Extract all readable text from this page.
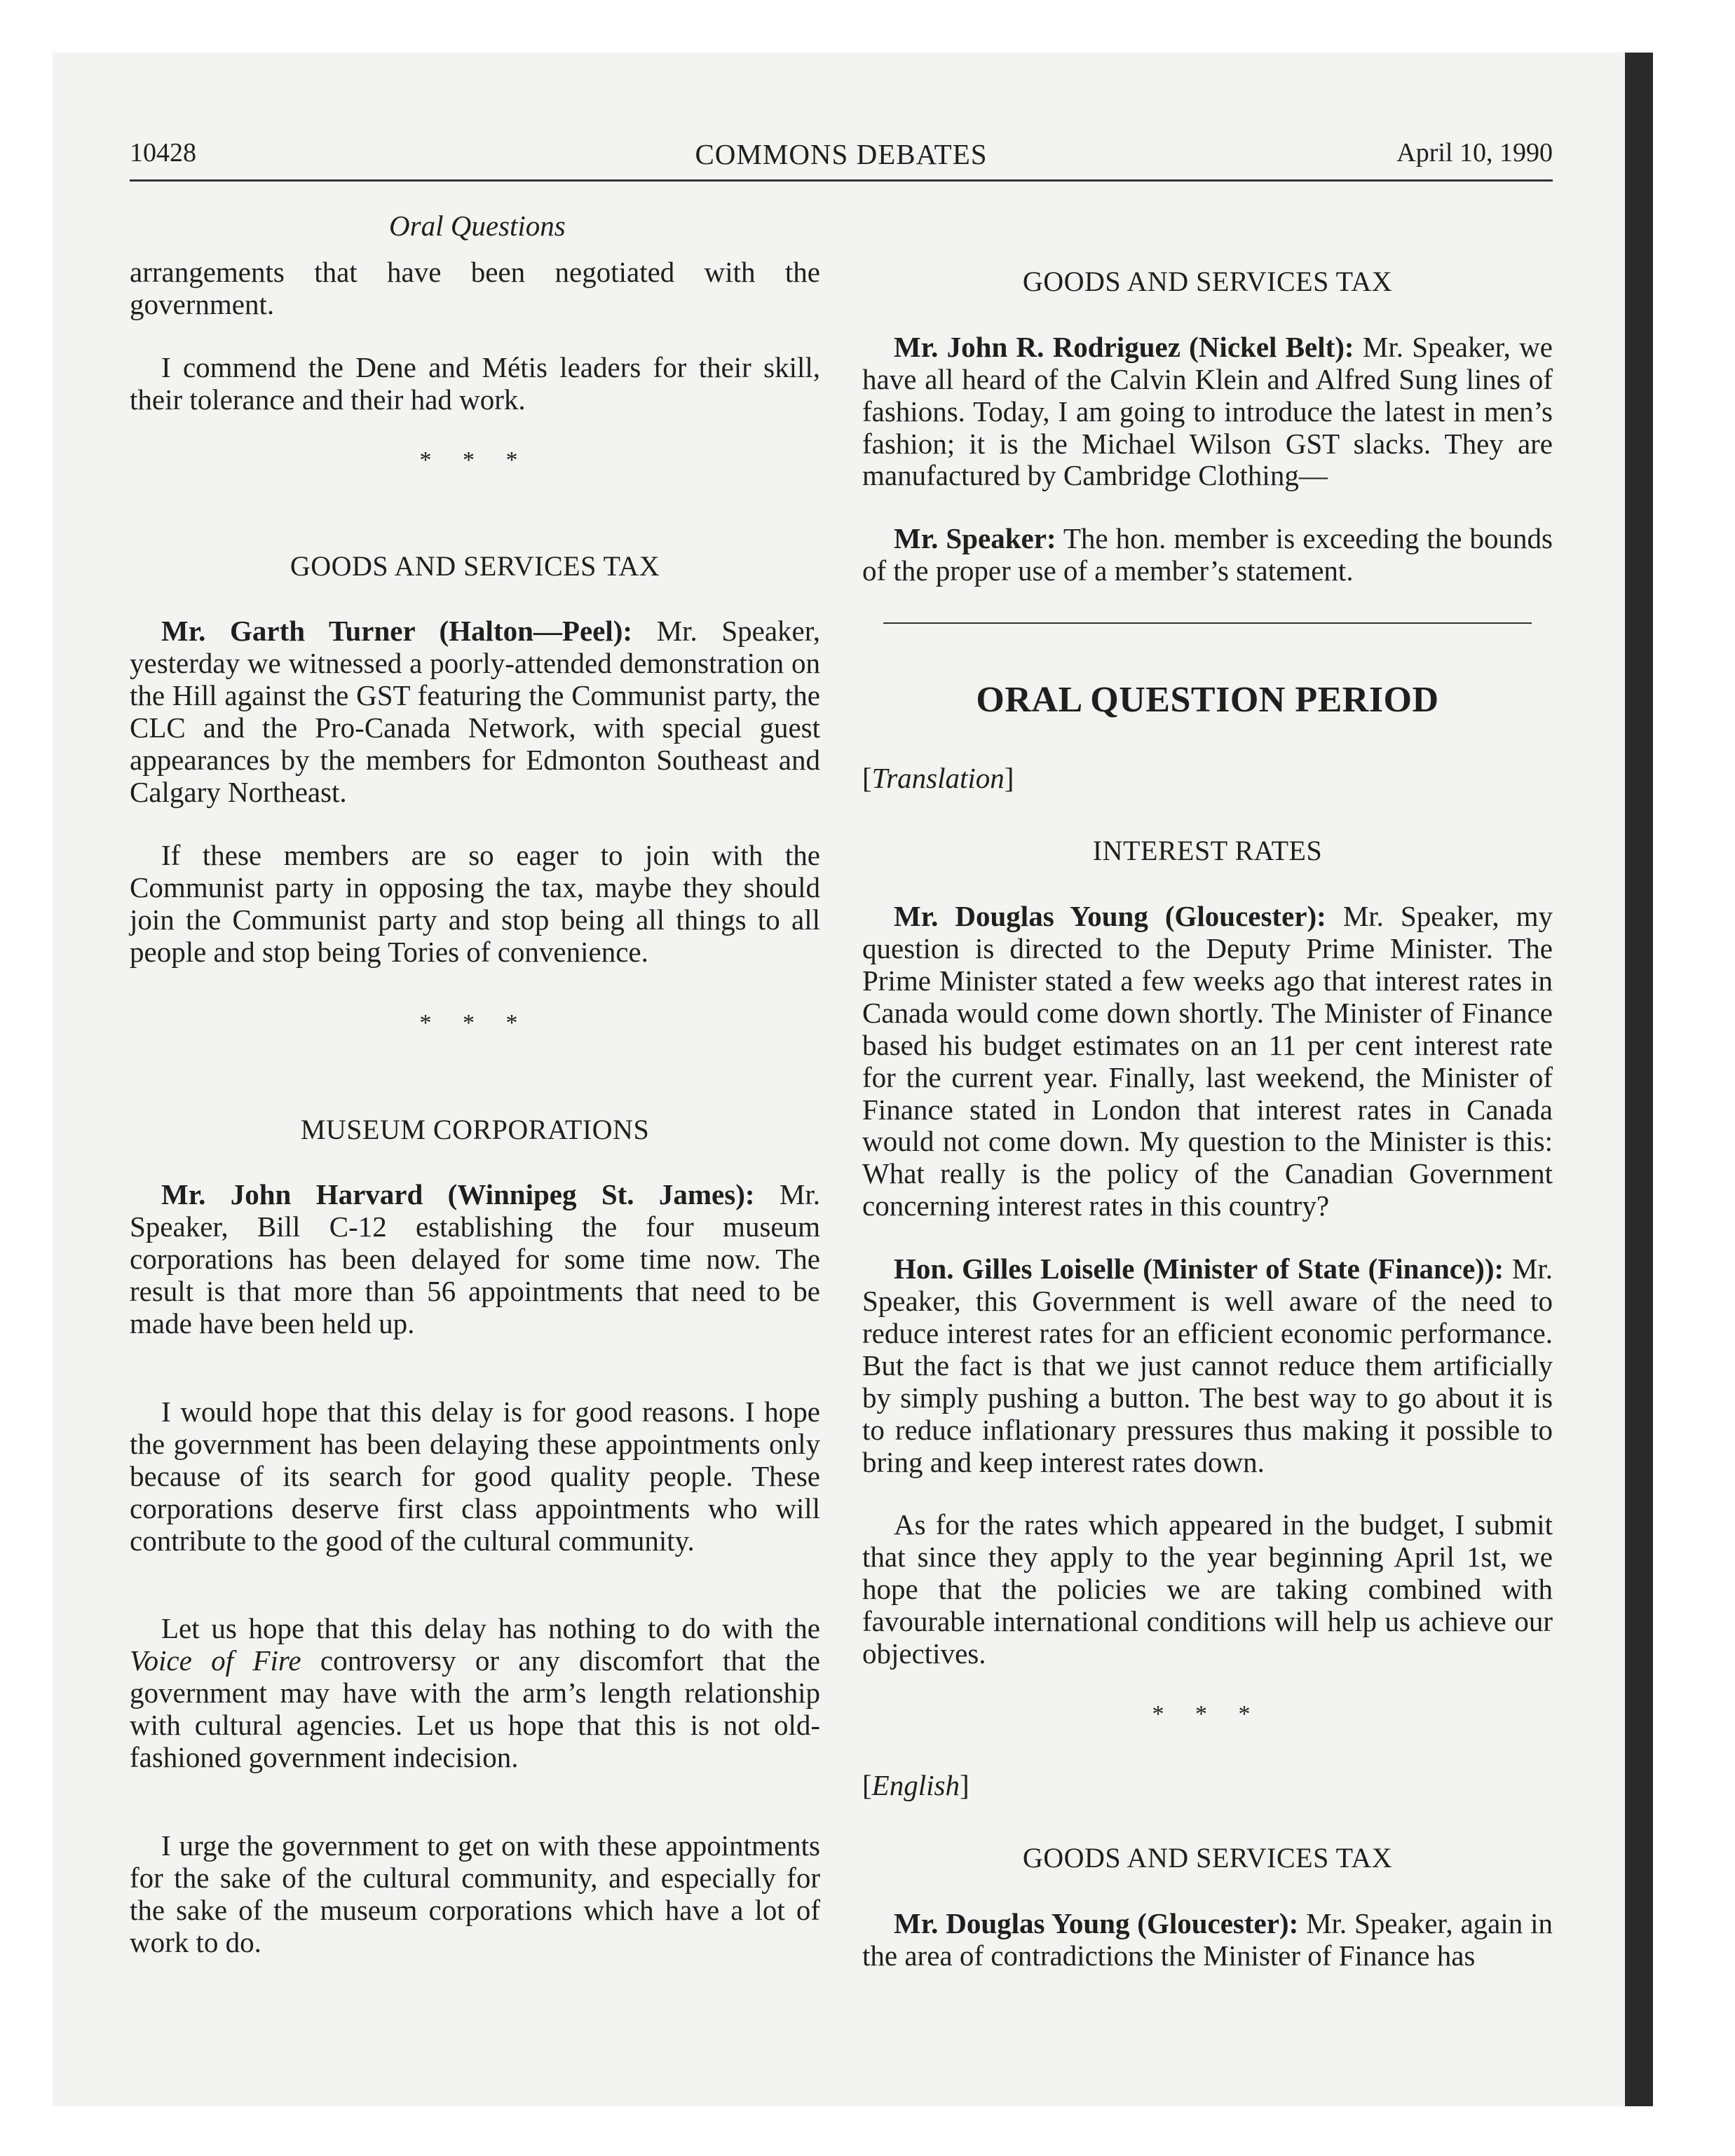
10428	COMMONS DEBATES	April 10, 1990
Oral Questions

arrangements that have been negotiated with the government.

I commend the Dene and Métis leaders for their skill, their tolerance and their had work.

* * *
GOODS AND SERVICES TAX

Mr. Garth Turner (Halton—Peel): Mr. Speaker, yesterday we witnessed a poorly-attended demonstration on the Hill against the GST featuring the Communist party, the CLC and the Pro-Canada Network, with special guest appearances by the members for Edmonton Southeast and Calgary Northeast.

If these members are so eager to join with the Communist party in opposing the tax, maybe they should join the Communist party and stop being all things to all people and stop being Tories of convenience.

* * *
MUSEUM CORPORATIONS

Mr. John Harvard (Winnipeg St. James): Mr. Speaker, Bill C-12 establishing the four museum corporations has been delayed for some time now. The result is that more than 56 appointments that need to be made have been held up.

I would hope that this delay is for good reasons. I hope the government has been delaying these appointments only because of its search for good quality people. These corporations deserve first class appointments who will contribute to the good of the cultural community.

Let us hope that this delay has nothing to do with the Voice of Fire controversy or any discomfort that the government may have with the arm’s length relationship with cultural agencies. Let us hope that this is not old-fashioned government indecision.

I urge the government to get on with these appointments for the sake of the cultural community, and especially for the sake of the museum corporations which have a lot of work to do.

GOODS AND SERVICES TAX

Mr. John R. Rodriguez (Nickel Belt): Mr. Speaker, we have all heard of the Calvin Klein and Alfred Sung lines of fashions. Today, I am going to introduce the latest in men’s fashion; it is the Michael Wilson GST slacks. They are manufactured by Cambridge Clothing—

Mr. Speaker: The hon. member is exceeding the bounds of the proper use of a member’s statement.

ORAL QUESTION PERIOD
[Translation]
INTEREST RATES

Mr. Douglas Young (Gloucester): Mr. Speaker, my question is directed to the Deputy Prime Minister. The Prime Minister stated a few weeks ago that interest rates in Canada would come down shortly. The Minister of Finance based his budget estimates on an 11 per cent interest rate for the current year. Finally, last weekend, the Minister of Finance stated in London that interest rates in Canada would not come down. My question to the Minister is this: What really is the policy of the Canadian Government concerning interest rates in this country?

Hon. Gilles Loiselle (Minister of State (Finance)): Mr. Speaker, this Government is well aware of the need to reduce interest rates for an efficient economic performance. But the fact is that we just cannot reduce them artificially by simply pushing a button. The best way to go about it is to reduce inflationary pressures thus making it possible to bring and keep interest rates down.

As for the rates which appeared in the budget, I submit that since they apply to the year beginning April 1st, we hope that the policies we are taking combined with favourable international conditions will help us achieve our objectives.

* * *
[English]
GOODS AND SERVICES TAX

Mr. Douglas Young (Gloucester): Mr. Speaker, again in the area of contradictions the Minister of Finance has
